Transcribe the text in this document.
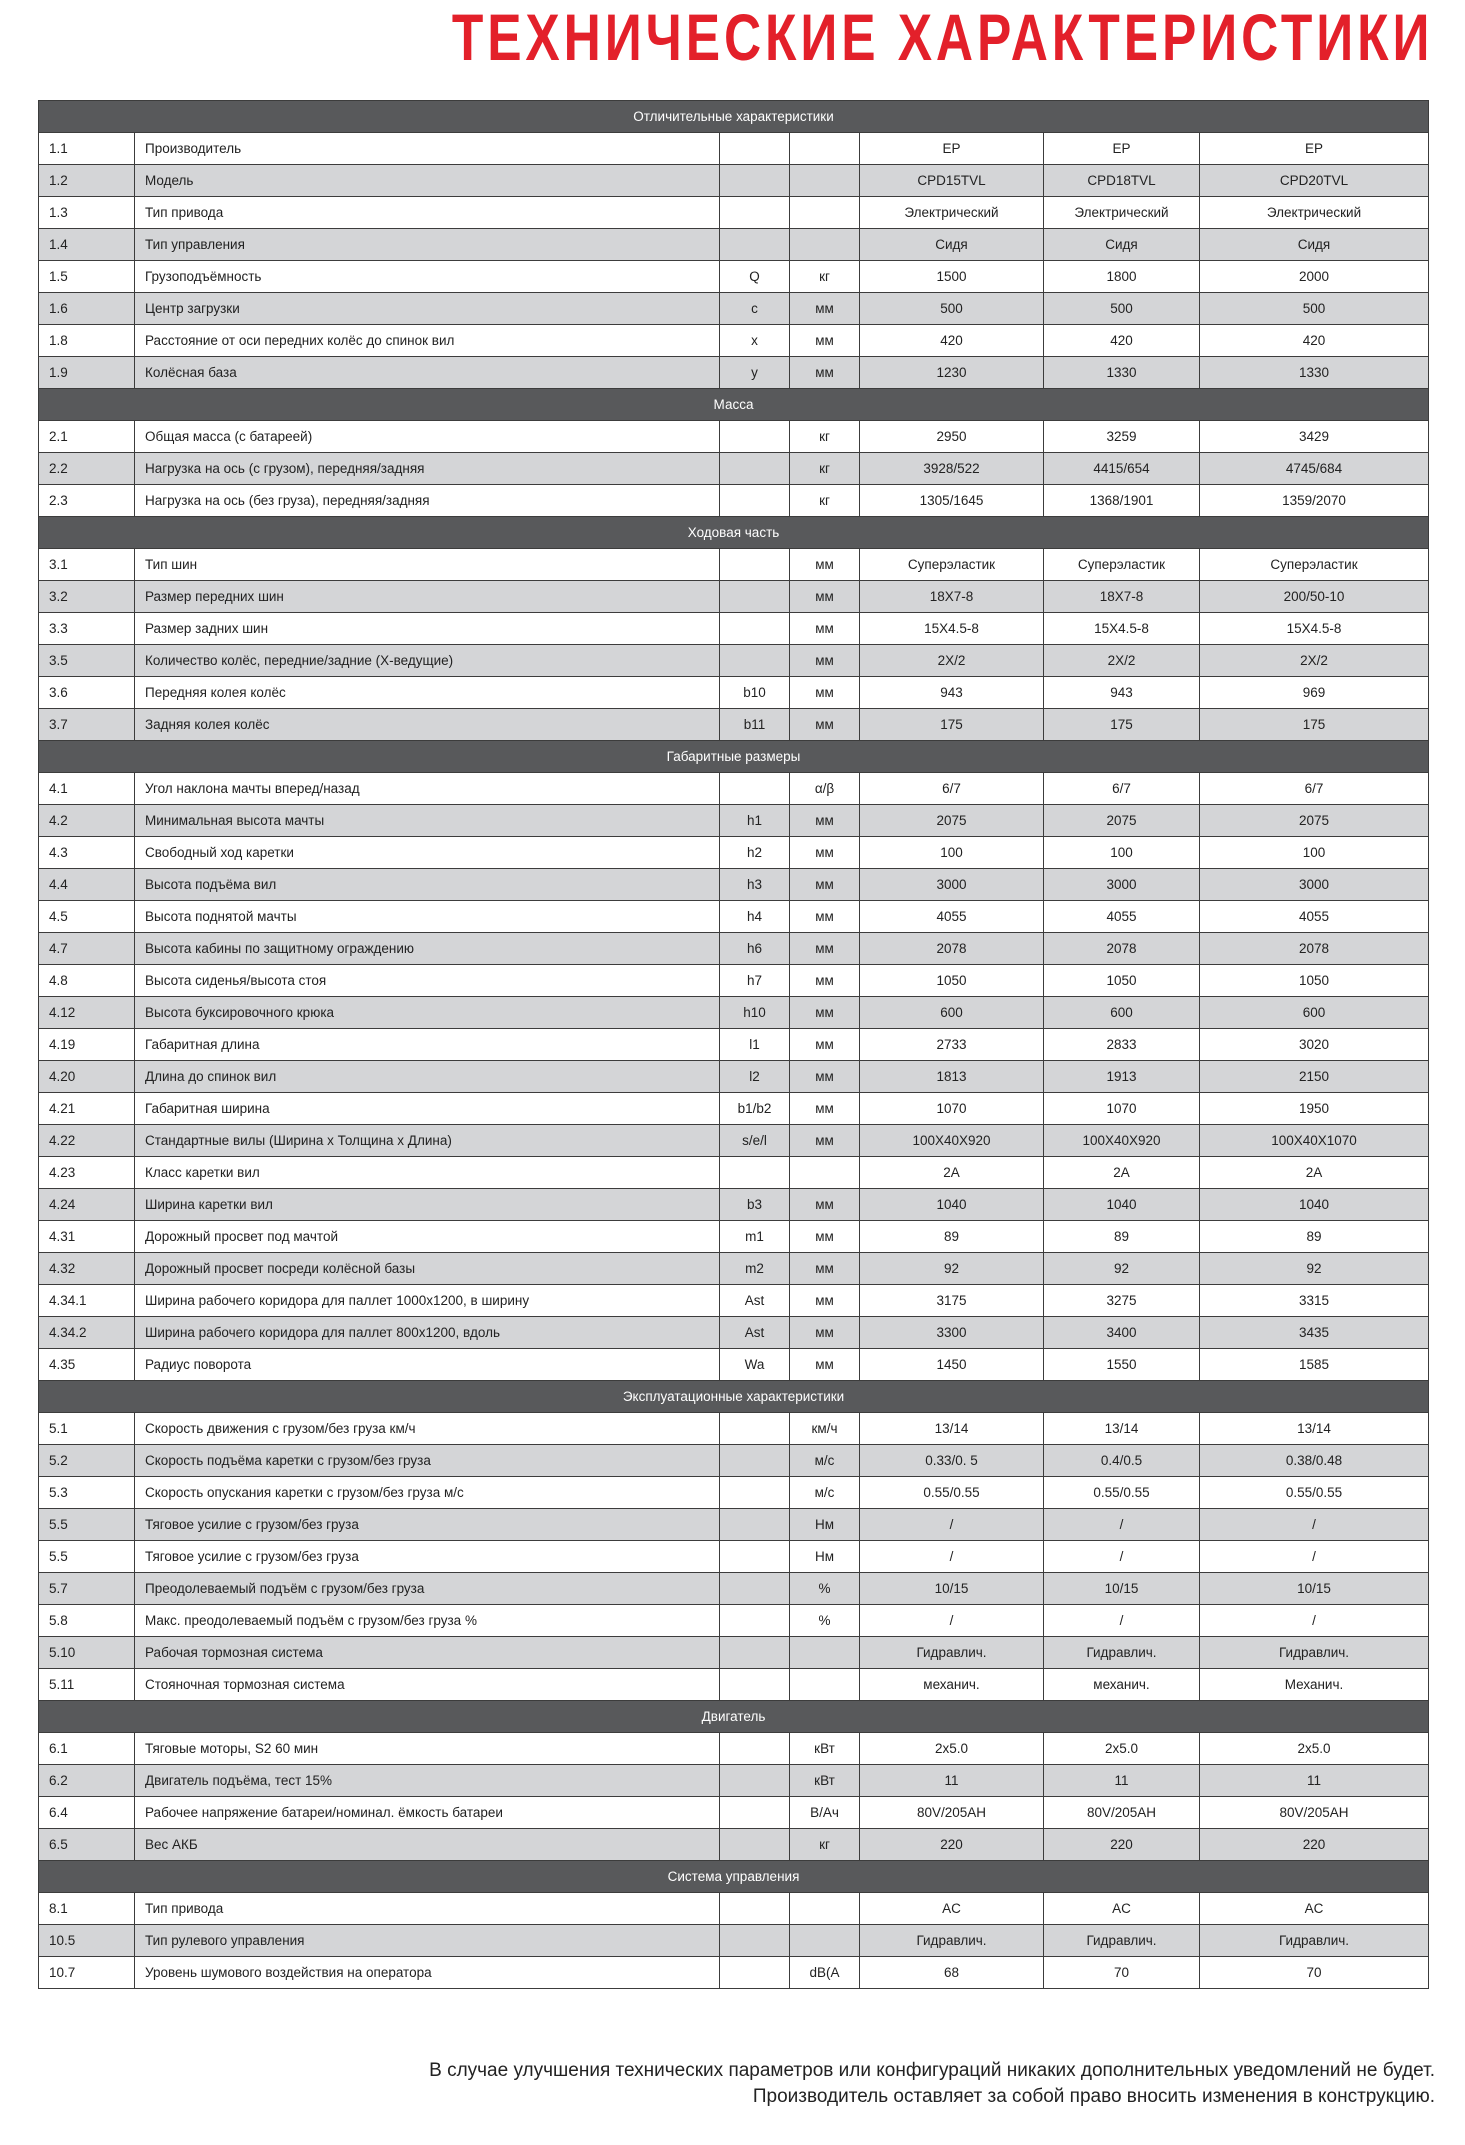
ТЕХНИЧЕСКИЕ ХАРАКТЕРИСТИКИ
Отличительные характеристики						
1.1	Производитель			EP	EP	EP
1.2	Модель			CPD15TVL	CPD18TVL	CPD20TVL
1.3	Тип привода			Электрический	Электрический	Электрический
1.4	Тип управления			Сидя	Сидя	Сидя
1.5	Грузоподъёмность	Q	кг	1500	1800	2000
1.6	Центр загрузки	c	мм	500	500	500
1.8	Расстояние от оси передних колёс до спинок вил	x	мм	420	420	420
1.9	Колёсная база	y	мм	1230	1330	1330
Масса						
2.1	Общая масса (с батареей)		кг	2950	3259	3429
2.2	Нагрузка на ось (с грузом), передняя/задняя		кг	3928/522	4415/654	4745/684
2.3	Нагрузка на ось (без груза), передняя/задняя		кг	1305/1645	1368/1901	1359/2070
Ходовая часть						
3.1	Тип шин		мм	Суперэластик	Суперэластик	Суперэластик
3.2	Размер передних шин		мм	18X7-8	18X7-8	200/50-10
3.3	Размер задних шин		мм	15X4.5-8	15X4.5-8	15X4.5-8
3.5	Количество колёс, передние/задние (X-ведущие)		мм	2X/2	2X/2	2X/2
3.6	Передняя колея колёс	b10	мм	943	943	969
3.7	Задняя колея колёс	b11	мм	175	175	175
Габаритные размеры						
4.1	Угол наклона мачты вперед/назад		α/β	6/7	6/7	6/7
4.2	Минимальная высота мачты	h1	мм	2075	2075	2075
4.3	Свободный ход каретки	h2	мм	100	100	100
4.4	Высота подъёма вил	h3	мм	3000	3000	3000
4.5	Высота поднятой мачты	h4	мм	4055	4055	4055
4.7	Высота кабины по защитному ограждению	h6	мм	2078	2078	2078
4.8	Высота сиденья/высота стоя	h7	мм	1050	1050	1050
4.12	Высота буксировочного крюка	h10	мм	600	600	600
4.19	Габаритная длина	l1	мм	2733	2833	3020
4.20	Длина до спинок вил	l2	мм	1813	1913	2150
4.21	Габаритная ширина	b1/b2	мм	1070	1070	1950
4.22	Стандартные вилы (Ширина x Толщина x Длина)	s/e/l	мм	100X40X920	100X40X920	100X40X1070
4.23	Класс каретки вил			2A	2A	2A
4.24	Ширина каретки вил	b3	мм	1040	1040	1040
4.31	Дорожный просвет под мачтой	m1	мм	89	89	89
4.32	Дорожный просвет посреди колёсной базы	m2	мм	92	92	92
4.34.1	Ширина рабочего коридора для паллет 1000x1200, в ширину	Ast	мм	3175	3275	3315
4.34.2	Ширина рабочего коридора для паллет 800x1200, вдоль	Ast	мм	3300	3400	3435
4.35	Радиус поворота	Wa	мм	1450	1550	1585
Эксплуатационные характеристики						
5.1	Скорость движения с грузом/без груза км/ч		км/ч	13/14	13/14	13/14
5.2	Скорость подъёма каретки с грузом/без груза		м/с	0.33/0. 5	0.4/0.5	0.38/0.48
5.3	Скорость опускания каретки с грузом/без груза м/с		м/с	0.55/0.55	0.55/0.55	0.55/0.55
5.5	Тяговое усилие с грузом/без груза		Нм	/	/	/
5.5	Тяговое усилие с грузом/без груза		Нм	/	/	/
5.7	Преодолеваемый подъём с грузом/без груза		%	10/15	10/15	10/15
5.8	Макс. преодолеваемый подъём с грузом/без груза %		%	/	/	/
5.10	Рабочая тормозная система			Гидравлич.	Гидравлич.	Гидравлич.
5.11	Стояночная тормозная система			механич.	механич.	Механич.
Двигатель						
6.1	Тяговые моторы, S2 60 мин		кВт	2x5.0	2x5.0	2x5.0
6.2	Двигатель подъёма, тест 15%		кВт	11	11	11
6.4	Рабочее напряжение батареи/номинал. ёмкость батареи		В/Ач	80V/205AH	80V/205AH	80V/205AH
6.5	Вес АКБ		кг	220	220	220
Система управления						
8.1	Тип привода			AC	AC	AC
10.5	Тип рулевого управления			Гидравлич.	Гидравлич.	Гидравлич.
10.7	Уровень шумового воздействия на оператора		dB(A	68	70	70
В случае улучшения технических параметров или конфигураций никаких дополнительных уведомлений не будет.
Производитель оставляет за собой право вносить изменения в конструкцию.
